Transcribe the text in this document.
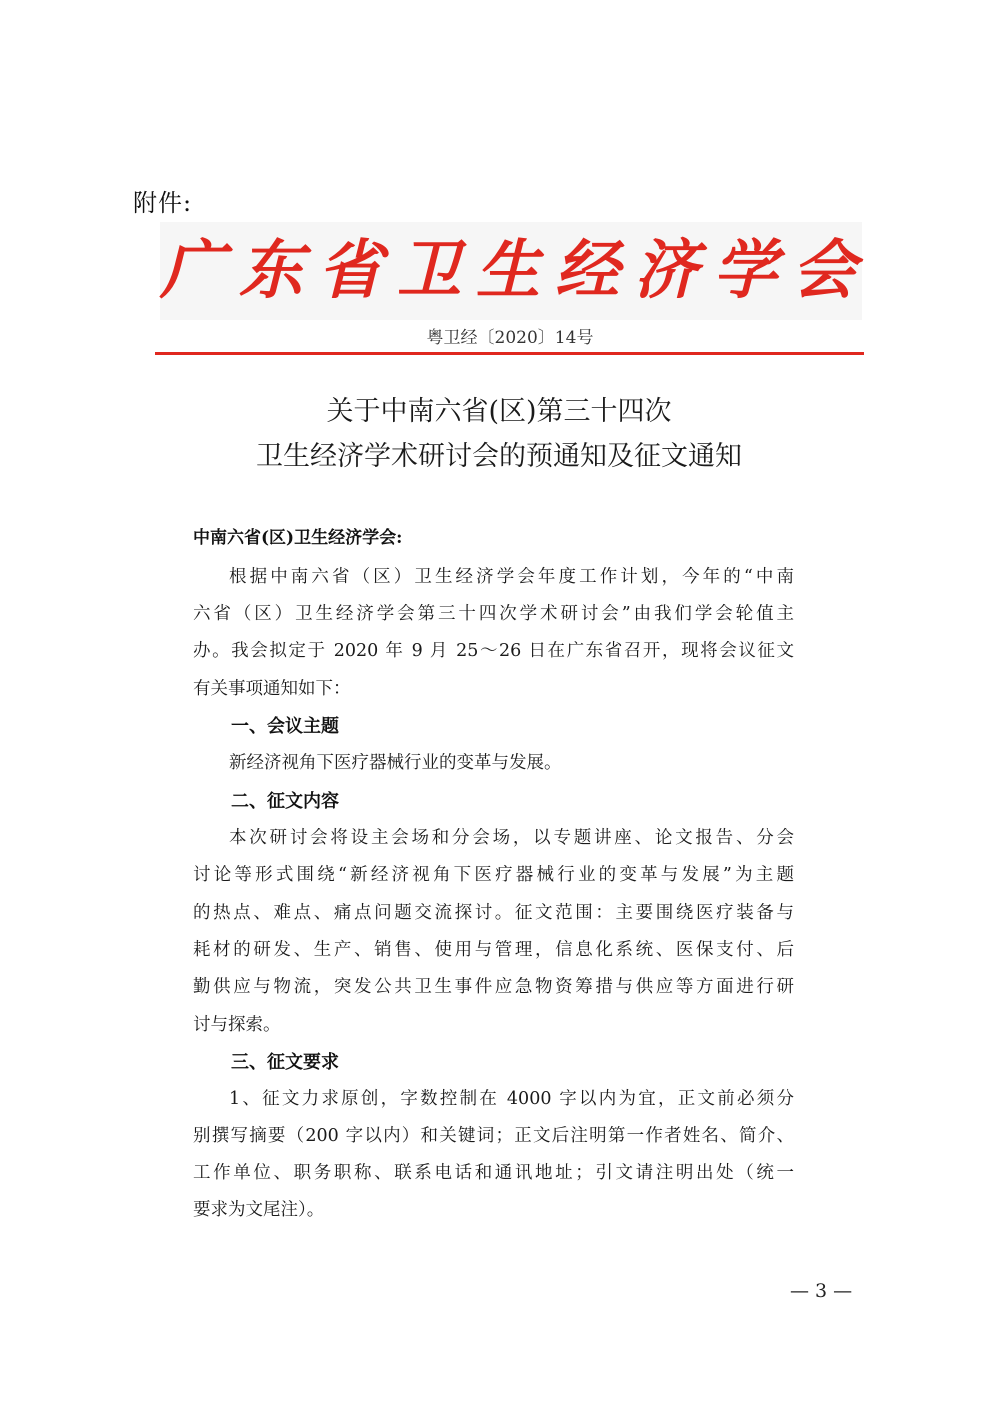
附件:
广东省卫生经济学会
粤卫经〔2020〕14号
关于中南六省(区)第三十四次
卫生经济学术研讨会的预通知及征文通知
中南六省(区)卫生经济学会:
根据中南六省（区）卫生经济学会年度工作计划，今年的“中南
六省（区）卫生经济学会第三十四次学术研讨会”由我们学会轮值主
办。我会拟定于 2020 年 9 月 25～26 日在广东省召开，现将会议征文
有关事项通知如下：
一、会议主题
新经济视角下医疗器械行业的变革与发展。
二、征文内容
本次研讨会将设主会场和分会场，以专题讲座、论文报告、分会
讨论等形式围绕“新经济视角下医疗器械行业的变革与发展”为主题
的热点、难点、痛点问题交流探讨。征文范围：主要围绕医疗装备与
耗材的研发、生产、销售、使用与管理，信息化系统、医保支付、后
勤供应与物流，突发公共卫生事件应急物资筹措与供应等方面进行研
讨与探索。
三、征文要求
1、征文力求原创，字数控制在 4000 字以内为宜，正文前必须分
别撰写摘要（200 字以内）和关键词；正文后注明第一作者姓名、简介、
工作单位、职务职称、联系电话和通讯地址；引文请注明出处（统一
要求为文尾注）。
— 3 —
